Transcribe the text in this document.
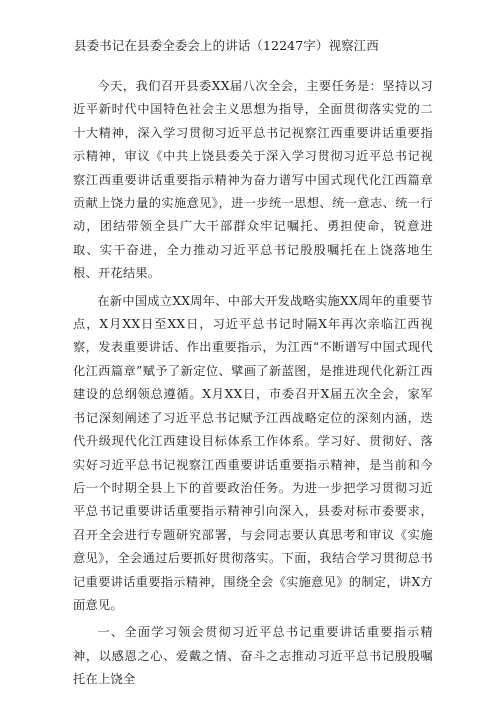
县委书记在县委全委会上的讲话（12247字）视察江西

今天，我们召开县委XX届八次全会，主要任务是：坚持以习近平新时代中国特色社会主义思想为指导，全面贯彻落实党的二十大精神，深入学习贯彻习近平总书记视察江西重要讲话重要指示精神，审议《中共上饶县委关于深入学习贯彻习近平总书记视察江西重要讲话重要指示精神为奋力谱写中国式现代化江西篇章贡献上饶力量的实施意见》，进一步统一思想、统一意志、统一行动，团结带领全县广大干部群众牢记嘱托、勇担使命，锐意进取、实干奋进，全力推动习近平总书记殷殷嘱托在上饶落地生根、开花结果。

在新中国成立XX周年、中部大开发战略实施XX周年的重要节点，X月XX日至XX日，习近平总书记时隔X年再次亲临江西视察，发表重要讲话、作出重要指示，为江西“不断谱写中国式现代化江西篇章”赋予了新定位、擘画了新蓝图，是推进现代化新江西建设的总纲领总遵循。X月XX日，市委召开X届五次全会，家军书记深刻阐述了习近平总书记赋予江西战略定位的深刻内涵，迭代升级现代化江西建设目标体系工作体系。学习好、贯彻好、落实好习近平总书记视察江西重要讲话重要指示精神，是当前和今后一个时期全县上下的首要政治任务。为进一步把学习贯彻习近平总书记重要讲话重要指示精神引向深入，县委对标市委要求，召开全会进行专题研究部署，与会同志要认真思考和审议《实施意见》，全会通过后要抓好贯彻落实。下面，我结合学习贯彻总书记重要讲话重要指示精神，围绕全会《实施意见》的制定，讲X方面意见。

一、全面学习领会贯彻习近平总书记重要讲话重要指示精神，以感恩之心、爱戴之情、奋斗之志推动习近平总书记殷殷嘱托在上饶全
